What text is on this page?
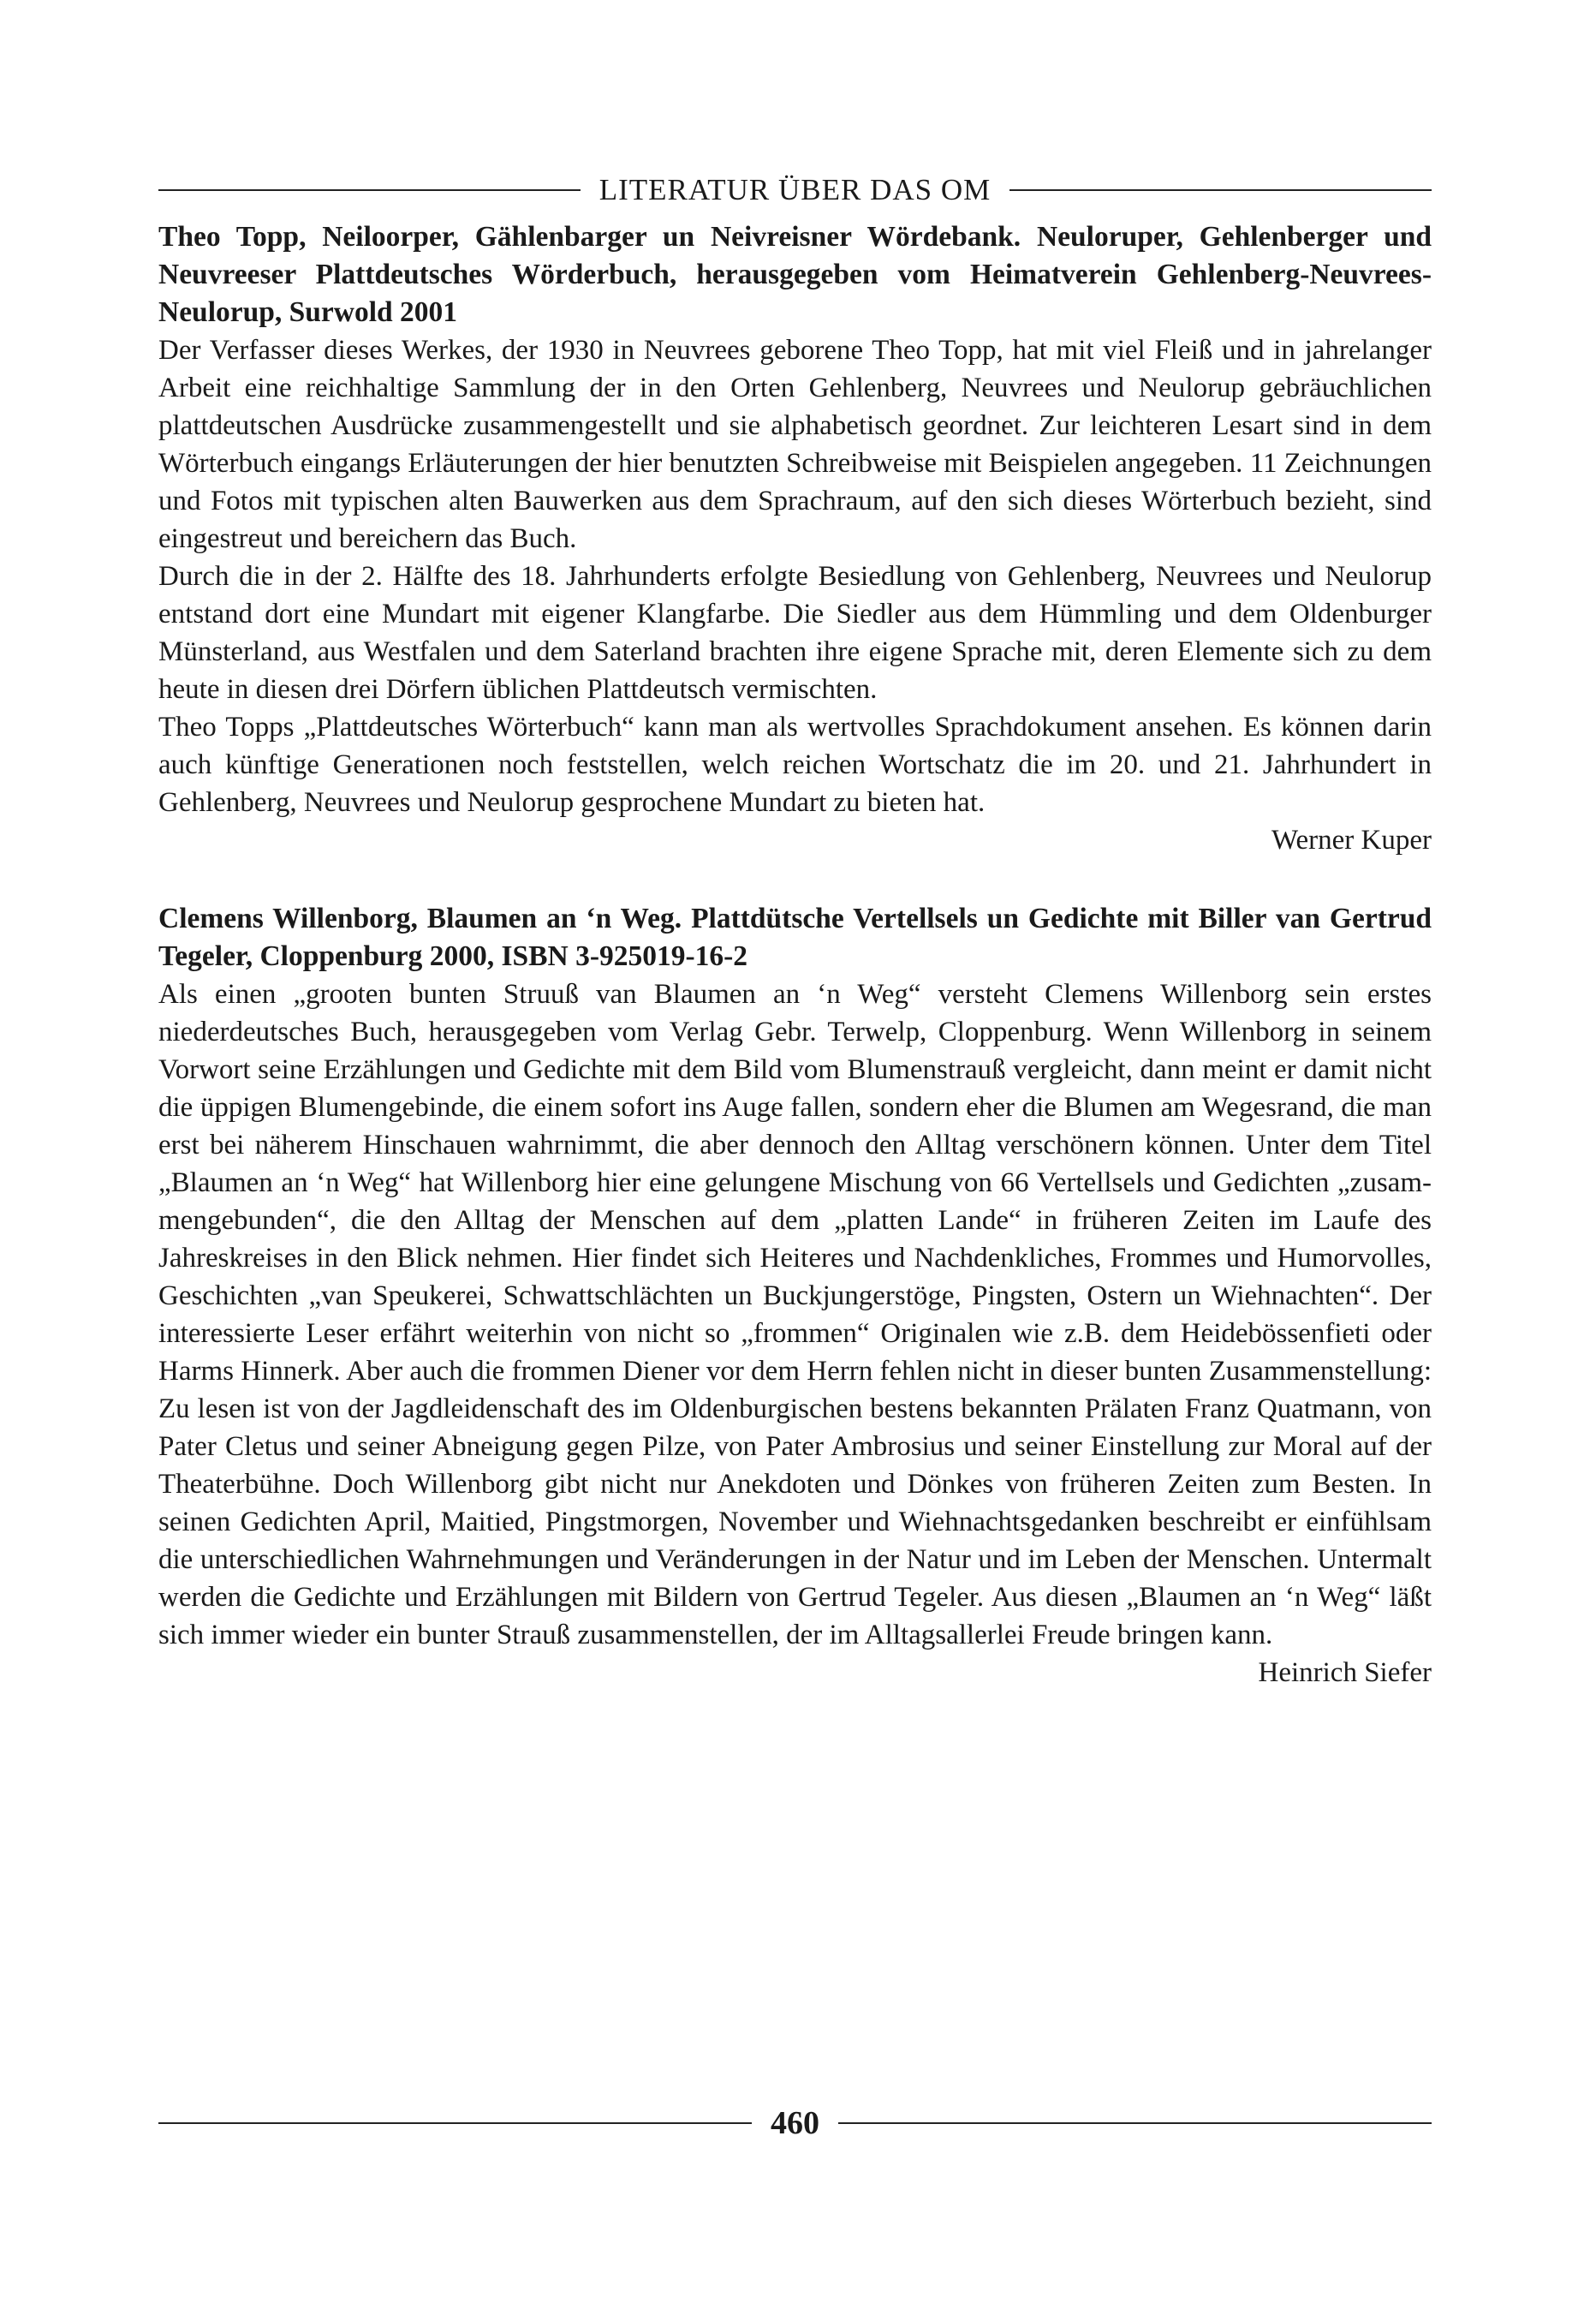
LITERATUR ÜBER DAS OM

Theo Topp, Neiloorper, Gählenbarger un Neivreisner Wördebank. Neuloruper, Gehlenberger und Neuvreeser Plattdeutsches Wörderbuch, herausgegeben vom Heimatverein Gehlenberg-Neuvrees-Neulorup, Surwold 2001

Der Verfasser dieses Werkes, der 1930 in Neuvrees geborene Theo Topp, hat mit viel Fleiß und in jahrelanger Arbeit eine reichhaltige Sammlung der in den Orten Gehlenberg, Neuvrees und Neulorup gebräuchlichen plattdeutschen Ausdrücke zusammengestellt und sie alphabetisch geordnet. Zur leichteren Lesart sind in dem Wörterbuch eingangs Erläuterungen der hier benutzten Schreibweise mit Beispielen angegeben. 11 Zeichnungen und Fotos mit typischen alten Bauwerken aus dem Sprachraum, auf den sich dieses Wörterbuch bezieht, sind eingestreut und bereichern das Buch.

Durch die in der 2. Hälfte des 18. Jahrhunderts erfolgte Besiedlung von Gehlenberg, Neuvrees und Neulorup entstand dort eine Mundart mit eigener Klangfarbe. Die Siedler aus dem Hümmling und dem Oldenburger Münsterland, aus Westfalen und dem Saterland brachten ihre eigene Sprache mit, deren Elemente sich zu dem heute in diesen drei Dörfern üblichen Plattdeutsch vermischten.

Theo Topps „Plattdeutsches Wörterbuch“ kann man als wertvolles Sprachdokument ansehen. Es können darin auch künftige Generationen noch feststellen, welch reichen Wortschatz die im 20. und 21. Jahrhundert in Gehlenberg, Neuvrees und Neulorup gesprochene Mundart zu bieten hat.

Werner Kuper

Clemens Willenborg, Blaumen an ‘n Weg. Plattdütsche Vertellsels un Gedichte mit Biller van Gertrud Tegeler, Cloppenburg 2000, ISBN 3-925019-16-2

Als einen „grooten bunten Struuß van Blaumen an ‘n Weg“ versteht Clemens Willenborg sein erstes niederdeutsches Buch, herausgegeben vom Verlag Gebr. Terwelp, Cloppenburg. Wenn Willenborg in seinem Vorwort seine Erzählungen und Gedichte mit dem Bild vom Blumenstrauß vergleicht, dann meint er damit nicht die üppigen Blumengebinde, die einem sofort ins Auge fallen, sondern eher die Blumen am Wegesrand, die man erst bei näherem Hinschauen wahrnimmt, die aber dennoch den Alltag verschönern können. Unter dem Titel „Blaumen an ‘n Weg“ hat Willenborg hier eine gelungene Mischung von 66 Vertellsels und Gedichten „zusammengebunden“, die den Alltag der Menschen auf dem „platten Lande“ in früheren Zeiten im Laufe des Jahreskreises in den Blick nehmen. Hier findet sich Heiteres und Nachdenkliches, Frommes und Humorvolles, Geschichten „van Speukerei, Schwattschlächten un Buckjungerstöge, Pingsten, Ostern un Wiehnachten“. Der interessierte Leser erfährt weiterhin von nicht so „frommen“ Originalen wie z.B. dem Heidebössenfieti oder Harms Hinnerk. Aber auch die frommen Diener vor dem Herrn fehlen nicht in dieser bunten Zusammenstellung: Zu lesen ist von der Jagdleidenschaft des im Oldenburgischen bestens bekannten Prälaten Franz Quatmann, von Pater Cletus und seiner Abneigung gegen Pilze, von Pater Ambrosius und seiner Einstellung zur Moral auf der Theaterbühne. Doch Willenborg gibt nicht nur Anekdoten und Dönkes von früheren Zeiten zum Besten. In seinen Gedichten April, Maitied, Pingstmorgen, November und Wiehnachtsgedanken beschreibt er einfühlsam die unterschiedlichen Wahrnehmungen und Veränderungen in der Natur und im Leben der Menschen. Untermalt werden die Gedichte und Erzählungen mit Bildern von Gertrud Tegeler. Aus diesen „Blaumen an ‘n Weg“ läßt sich immer wieder ein bunter Strauß zusammenstellen, der im Alltagsallerlei Freude bringen kann.

Heinrich Siefer

460
